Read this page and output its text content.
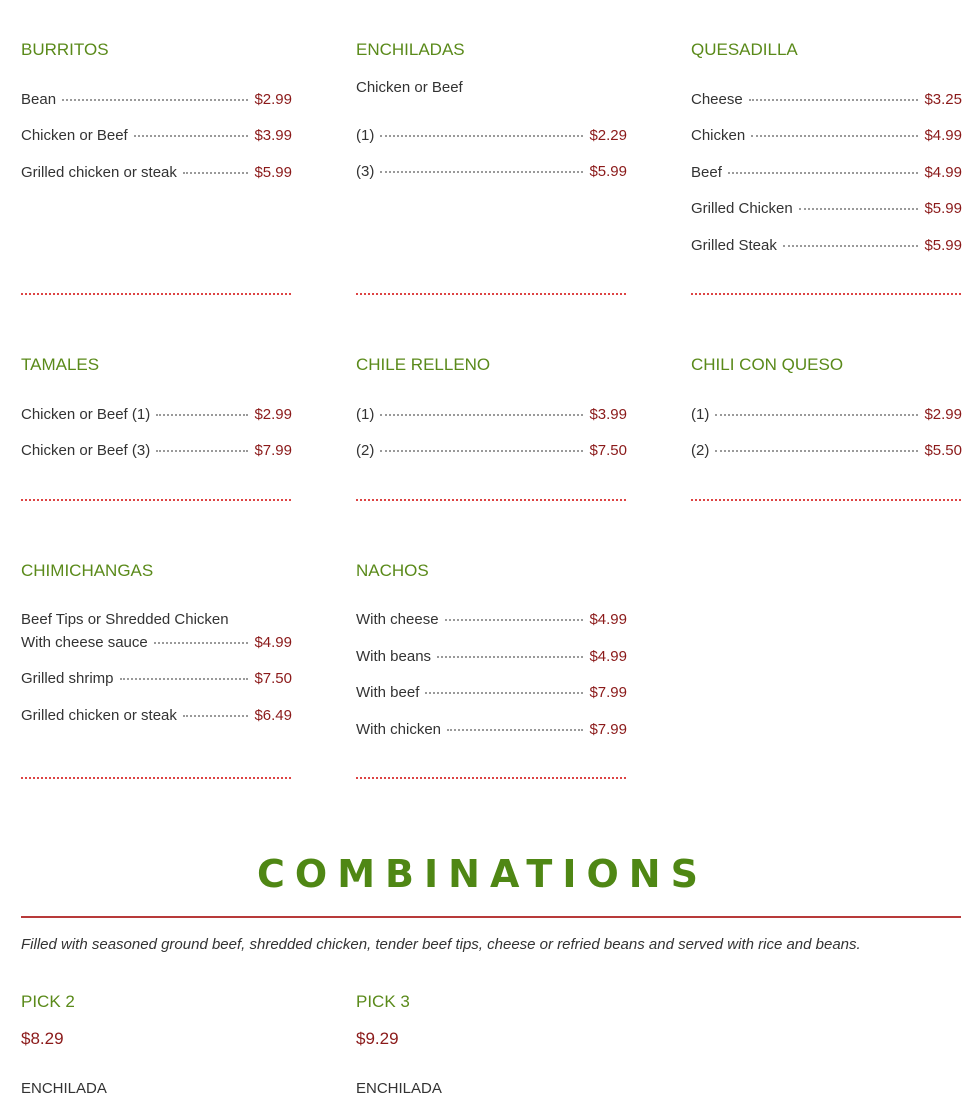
BURRITOS
Bean	$2.99
Chicken or Beef	$3.99
Grilled chicken or steak	$5.99
ENCHILADAS
Chicken or Beef
(1)	$2.29
(3)	$5.99
QUESADILLA
Cheese	$3.25
Chicken	$4.99
Beef	$4.99
Grilled Chicken	$5.99
Grilled Steak	$5.99
TAMALES
Chicken or Beef (1)	$2.99
Chicken or Beef (3)	$7.99
CHILE RELLENO
(1)	$3.99
(2)	$7.50
CHILI CON QUESO
(1)	$2.99
(2)	$5.50
CHIMICHANGAS
Beef Tips or Shredded Chicken
With cheese sauce	$4.99
Grilled shrimp	$7.50
Grilled chicken or steak	$6.49
NACHOS
With cheese	$4.99
With beans	$4.99
With beef	$7.99
With chicken	$7.99
COMBINATIONS
Filled with seasoned ground beef, shredded chicken, tender beef tips, cheese or refried beans and served with rice and beans.
PICK 2
$8.29
ENCHILADA
PICK 3
$9.29
ENCHILADA
